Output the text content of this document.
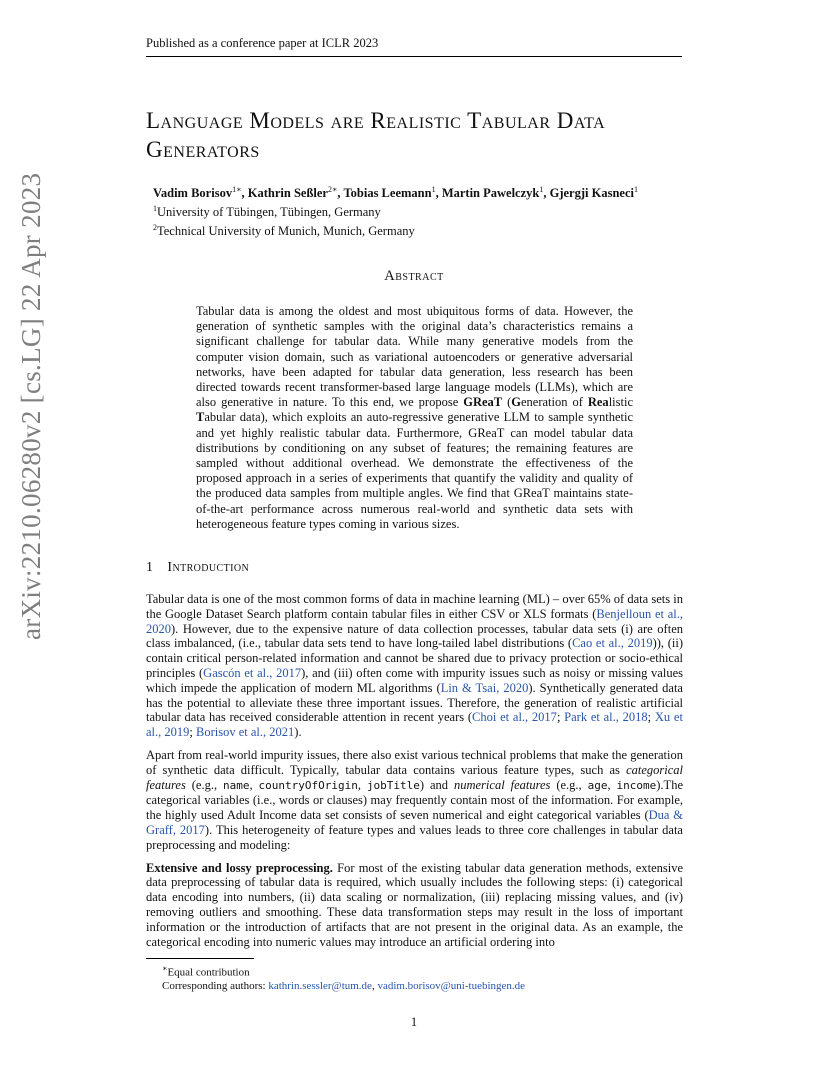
Published as a conference paper at ICLR 2023
arXiv:2210.06280v2 [cs.LG] 22 Apr 2023
Language Models are Realistic Tabular Data
Generators
Vadim Borisov$^{1∗}$, Kathrin Seßler$^{2∗}$, Tobias Leemann$^1$, Martin Pawelczyk$^1$, Gjergji Kasneci$^1$
$^1$University of Tübingen, Tübingen, Germany
$^2$Technical University of Munich, Munich, Germany
Abstract
Tabular data is among the oldest and most ubiquitous forms of data. However, the generation of synthetic samples with the original data’s characteristics remains a significant challenge for tabular data. While many generative models from the computer vision domain, such as variational autoencoders or generative adversarial networks, have been adapted for tabular data generation, less research has been directed towards recent transformer-based large language models (LLMs), which are also generative in nature. To this end, we propose GReaT (Generation of Realistic Tabular data), which exploits an auto-regressive generative LLM to sample synthetic and yet highly realistic tabular data. Furthermore, GReaT can model tabular data distributions by conditioning on any subset of features; the remaining features are sampled without additional overhead. We demonstrate the effectiveness of the proposed approach in a series of experiments that quantify the validity and quality of the produced data samples from multiple angles. We find that GReaT maintains state-of-the-art performance across numerous real-world and synthetic data sets with heterogeneous feature types coming in various sizes.
1 Introduction

Tabular data is one of the most common forms of data in machine learning (ML) – over 65% of data sets in the Google Dataset Search platform contain tabular files in either CSV or XLS formats (Benjelloun et al., 2020). However, due to the expensive nature of data collection processes, tabular data sets (i) are often class imbalanced, (i.e., tabular data sets tend to have long-tailed label distributions (Cao et al., 2019)), (ii) contain critical person-related information and cannot be shared due to privacy protection or socio-ethical principles (Gascón et al., 2017), and (iii) often come with impurity issues such as noisy or missing values which impede the application of modern ML algorithms (Lin & Tsai, 2020). Synthetically generated data has the potential to alleviate these three important issues. Therefore, the generation of realistic artificial tabular data has received considerable attention in recent years (Choi et al., 2017; Park et al., 2018; Xu et al., 2019; Borisov et al., 2021).

Apart from real-world impurity issues, there also exist various technical problems that make the generation of synthetic data difficult. Typically, tabular data contains various feature types, such as categorical features (e.g., name, countryOfOrigin, jobTitle) and numerical features (e.g., age, income).The categorical variables (i.e., words or clauses) may frequently contain most of the information. For example, the highly used Adult Income data set consists of seven numerical and eight categorical variables (Dua & Graff, 2017). This heterogeneity of feature types and values leads to three core challenges in tabular data preprocessing and modeling:

Extensive and lossy preprocessing. For most of the existing tabular data generation methods, extensive data preprocessing of tabular data is required, which usually includes the following steps: (i) categorical data encoding into numbers, (ii) data scaling or normalization, (iii) replacing missing values, and (iv) removing outliers and smoothing. These data transformation steps may result in the loss of important information or the introduction of artifacts that are not present in the original data. As an example, the categorical encoding into numeric values may introduce an artificial ordering into

∗Equal contribution
Corresponding authors: kathrin.sessler@tum.de, vadim.borisov@uni-tuebingen.de
1
